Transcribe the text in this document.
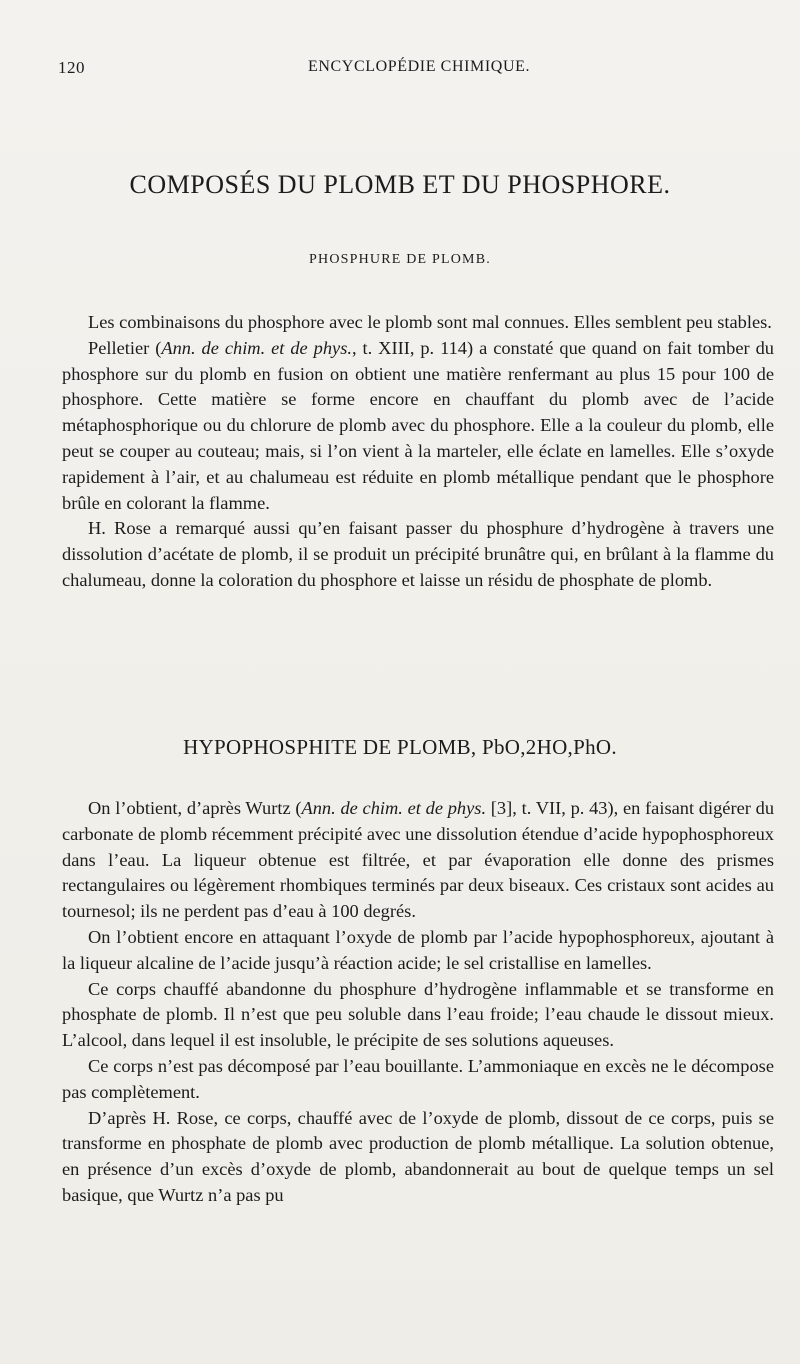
120	ENCYCLOPÉDIE CHIMIQUE.
COMPOSÉS DU PLOMB ET DU PHOSPHORE.
PHOSPHURE DE PLOMB.

Les combinaisons du phosphore avec le plomb sont mal connues. Elles semblent peu stables.

Pelletier (Ann. de chim. et de phys., t. XIII, p. 114) a constaté que quand on fait tomber du phosphore sur du plomb en fusion on obtient une matière renfermant au plus 15 pour 100 de phosphore. Cette matière se forme encore en chauffant du plomb avec de l’acide métaphosphorique ou du chlorure de plomb avec du phosphore. Elle a la couleur du plomb, elle peut se couper au couteau; mais, si l’on vient à la marteler, elle éclate en lamelles. Elle s’oxyde rapidement à l’air, et au chalumeau est réduite en plomb métallique pendant que le phosphore brûle en colorant la flamme.

H. Rose a remarqué aussi qu’en faisant passer du phosphure d’hydrogène à travers une dissolution d’acétate de plomb, il se produit un précipité brunâtre qui, en brûlant à la flamme du chalumeau, donne la coloration du phosphore et laisse un résidu de phosphate de plomb.

HYPOPHOSPHITE DE PLOMB, PbO,2HO,PhO.

On l’obtient, d’après Wurtz (Ann. de chim. et de phys. [3], t. VII, p. 43), en faisant digérer du carbonate de plomb récemment précipité avec une dissolution étendue d’acide hypophosphoreux dans l’eau. La liqueur obtenue est filtrée, et par évaporation elle donne des prismes rectangulaires ou légèrement rhombiques terminés par deux biseaux. Ces cristaux sont acides au tournesol; ils ne perdent pas d’eau à 100 degrés.

On l’obtient encore en attaquant l’oxyde de plomb par l’acide hypophosphoreux, ajoutant à la liqueur alcaline de l’acide jusqu’à réaction acide; le sel cristallise en lamelles.

Ce corps chauffé abandonne du phosphure d’hydrogène inflammable et se transforme en phosphate de plomb. Il n’est que peu soluble dans l’eau froide; l’eau chaude le dissout mieux. L’alcool, dans lequel il est insoluble, le précipite de ses solutions aqueuses.

Ce corps n’est pas décomposé par l’eau bouillante. L’ammoniaque en excès ne le décompose pas complètement.

D’après H. Rose, ce corps, chauffé avec de l’oxyde de plomb, dissout de ce corps, puis se transforme en phosphate de plomb avec production de plomb métallique. La solution obtenue, en présence d’un excès d’oxyde de plomb, abandonnerait au bout de quelque temps un sel basique, que Wurtz n’a pas pu
